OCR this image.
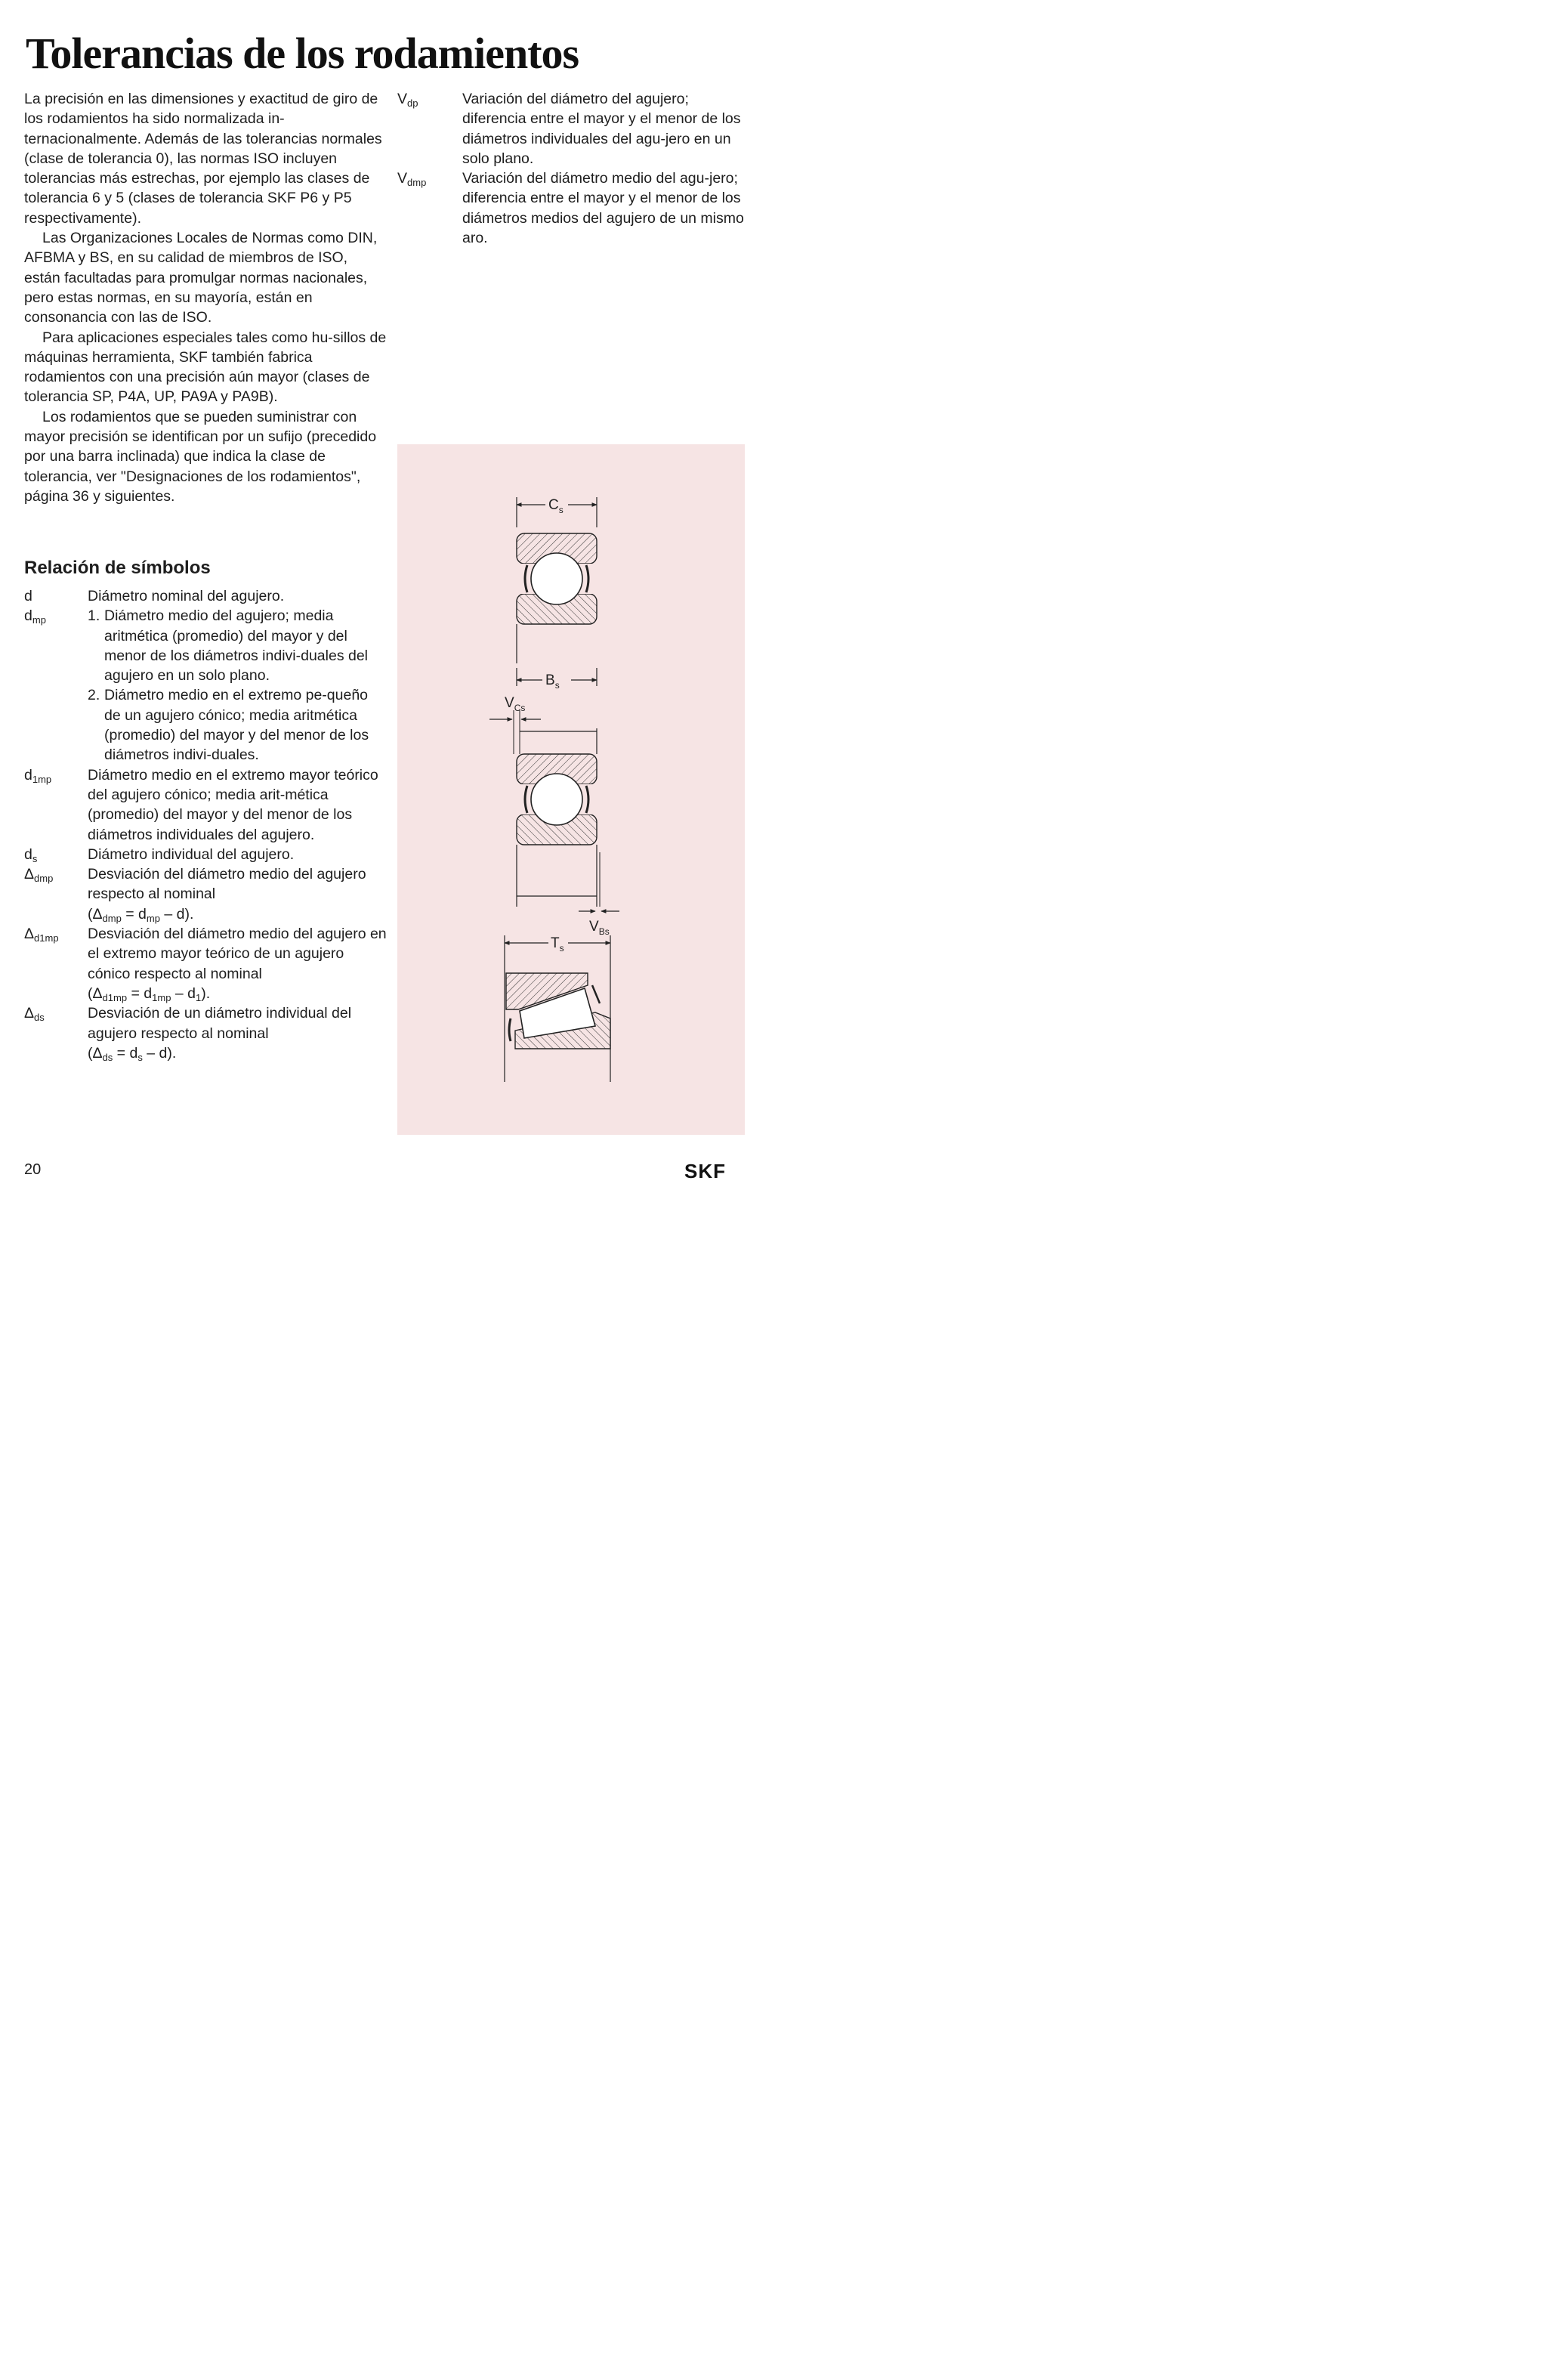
Tolerancias de los rodamientos

La precisión en las dimensiones y exactitud de giro de los rodamientos ha sido normalizada in-ternacionalmente. Además de las tolerancias normales (clase de tolerancia 0), las normas ISO incluyen tolerancias más estrechas, por ejemplo las clases de tolerancia 6 y 5 (clases de tolerancia SKF P6 y P5 respectivamente).

Las Organizaciones Locales de Normas como DIN, AFBMA y BS, en su calidad de miembros de ISO, están facultadas para promulgar normas nacionales, pero estas normas, en su mayoría, están en consonancia con las de ISO.

Para aplicaciones especiales tales como hu-sillos de máquinas herramienta, SKF también fabrica rodamientos con una precisión aún mayor (clases de tolerancia SP, P4A, UP, PA9A y PA9B).

Los rodamientos que se pueden suministrar con mayor precisión se identifican por un sufijo (precedido por una barra inclinada) que indica la clase de tolerancia, ver "Designaciones de los rodamientos", página 36 y siguientes.

Relación de símbolos
d	Diámetro nominal del agujero.
$d_{mp}$	1. Diámetro medio del agujero; media aritmética (promedio) del mayor y del menor de los diámetros indivi-duales del agujero en un solo plano.
2. Diámetro medio en el extremo pe-queño de un agujero cónico; media aritmética (promedio) del mayor y del menor de los diámetros indivi-duales.
$d_{1mp}$	Diámetro medio en el extremo mayor teórico del agujero cónico; media arit-mética (promedio) del mayor y del menor de los diámetros individuales del agujero.
$d_s$	Diámetro individual del agujero.
$\Delta_{dmp}$	Desviación del diámetro medio del agujero respecto al nominal
$(\Delta_{dmp} = d_{mp} - d)$.
$\Delta_{d1mp}$	Desviación del diámetro medio del agujero en el extremo mayor teórico de un agujero cónico respecto al nominal
$(\Delta_{d1mp} = d_{1mp} - d_1)$.
$\Delta_{ds}$	Desviación de un diámetro individual del agujero respecto al nominal
$(\Delta_{ds} = d_s - d)$.
$V_{dp}$	Variación del diámetro del agujero; diferencia entre el mayor y el menor de los diámetros individuales del agu-jero en un solo plano.
$V_{dmp}$	Variación del diámetro medio del agu-jero; diferencia entre el mayor y el menor de los diámetros medios del agujero de un mismo aro.
$C_s$
$B_s$
$V_{Cs}$
$V_{Bs}$
$T_s$
20	SKF
